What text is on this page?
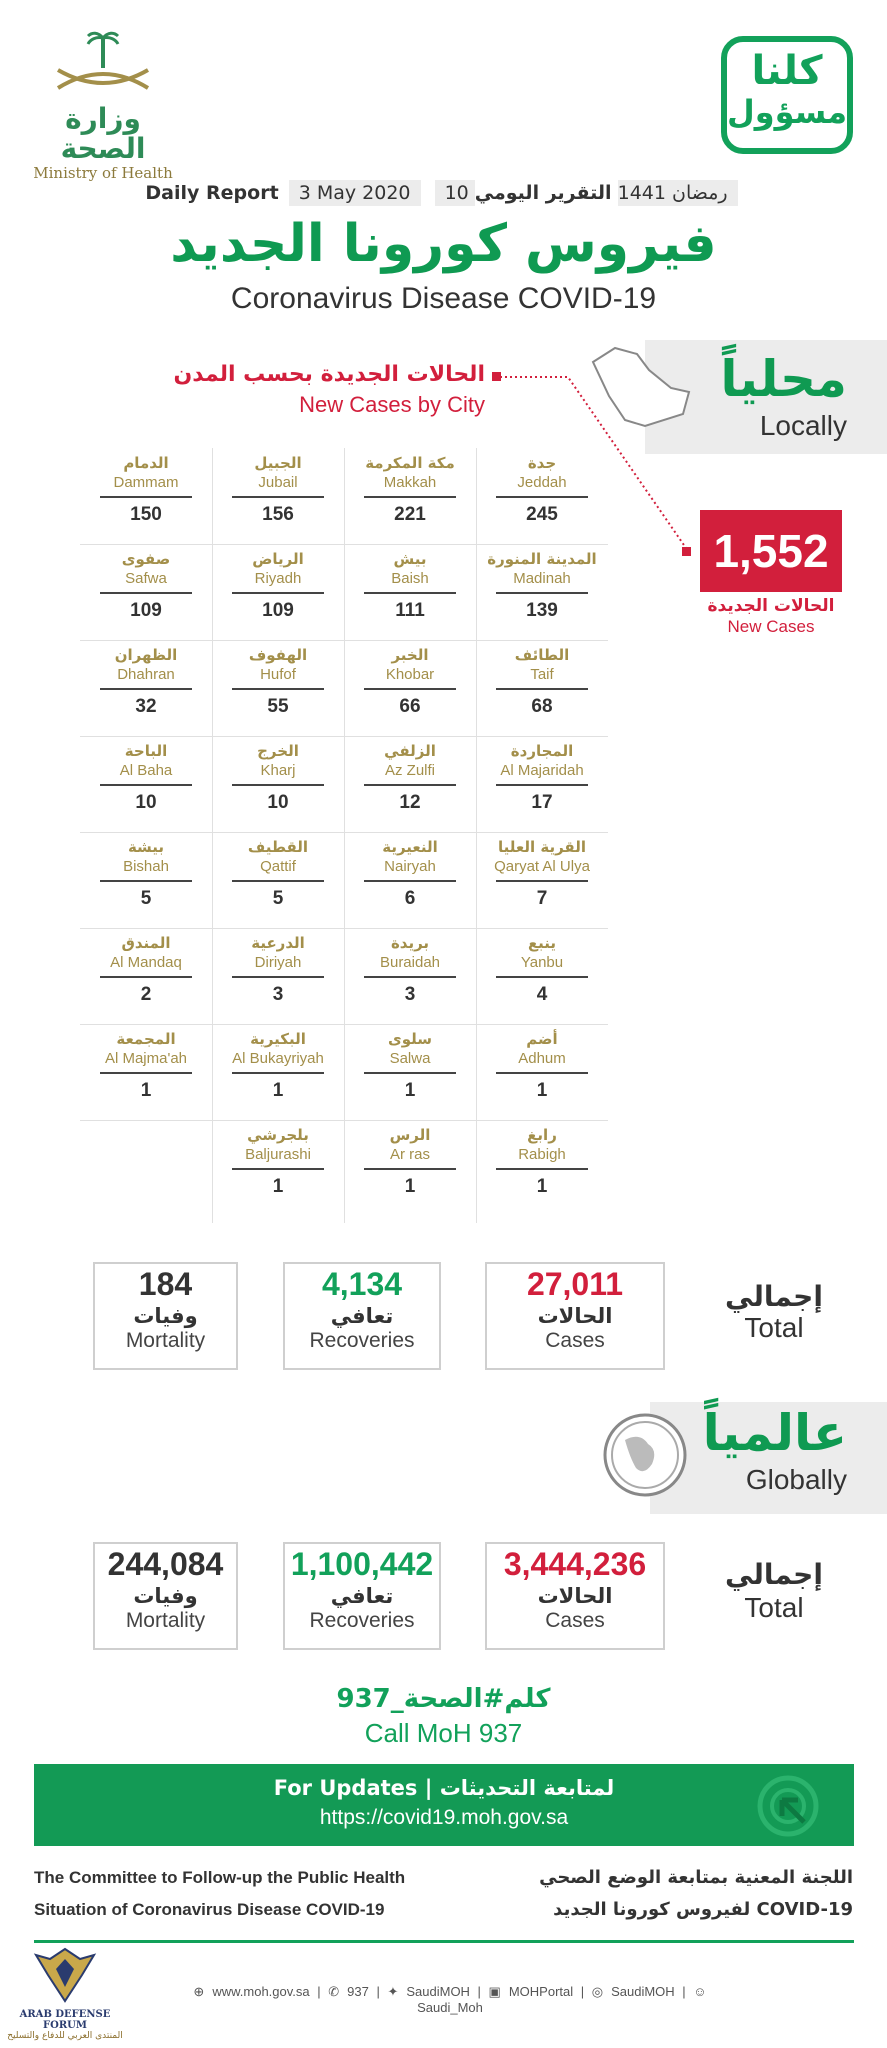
وزارة الصحة
Ministry of Health
كلنا
مسؤول
Daily Report 3 May 2020 10 رمضان 1441 التقرير اليومي
فيروس كورونا الجديد
Coronavirus Disease COVID-19
محلياً
Locally
الحالات الجديدة بحسب المدن
New Cases by City
1,552
الحالات الجديدة
New Cases
جدة
Jeddah
245
مكة المكرمة
Makkah
221
الجبيل
Jubail
156
الدمام
Dammam
150
المدينة المنورة
Madinah
139
بيش
Baish
111
الرياض
Riyadh
109
صفوى
Safwa
109
الطائف
Taif
68
الخبر
Khobar
66
الهفوف
Hufof
55
الظهران
Dhahran
32
المجاردة
Al Majaridah
17
الزلفي
Az Zulfi
12
الخرج
Kharj
10
الباحة
Al Baha
10
القرية العليا
Qaryat Al Ulya
7
النعيرية
Nairyah
6
القطيف
Qattif
5
بيشة
Bishah
5
ينبع
Yanbu
4
بريدة
Buraidah
3
الدرعية
Diriyah
3
المندق
Al Mandaq
2
أضم
Adhum
1
سلوى
Salwa
1
البكيرية
Al Bukayriyah
1
المجمعة
Al Majma'ah
1
رابغ
Rabigh
1
الرس
Ar ras
1
بلجرشي
Baljurashi
1
27,011
الحالات
Cases
4,134
تعافي
Recoveries
184
وفيات
Mortality
إجمالي
Total
عالمياً
Globally
3,444,236
الحالات
Cases
1,100,442
تعافي
Recoveries
244,084
وفيات
Mortality
إجمالي
Total
كلم#الصحة_937
Call MoH 937
For Updates | لمتابعة التحديثات
https://covid19.moh.gov.sa
The Committee to Follow-up the Public Health
Situation of Coronavirus Disease COVID-19
اللجنة المعنية بمتابعة الوضع الصحي
لفيروس كورونا الجديد COVID-19
⊕ www.moh.gov.sa | ✆ 937 | ✦ SaudiMOH | ▣ MOHPortal | ◎ SaudiMOH | ☺Saudi_Moh
ARAB DEFENSE FORUM
المنتدى العربي للدفاع والتسليح
